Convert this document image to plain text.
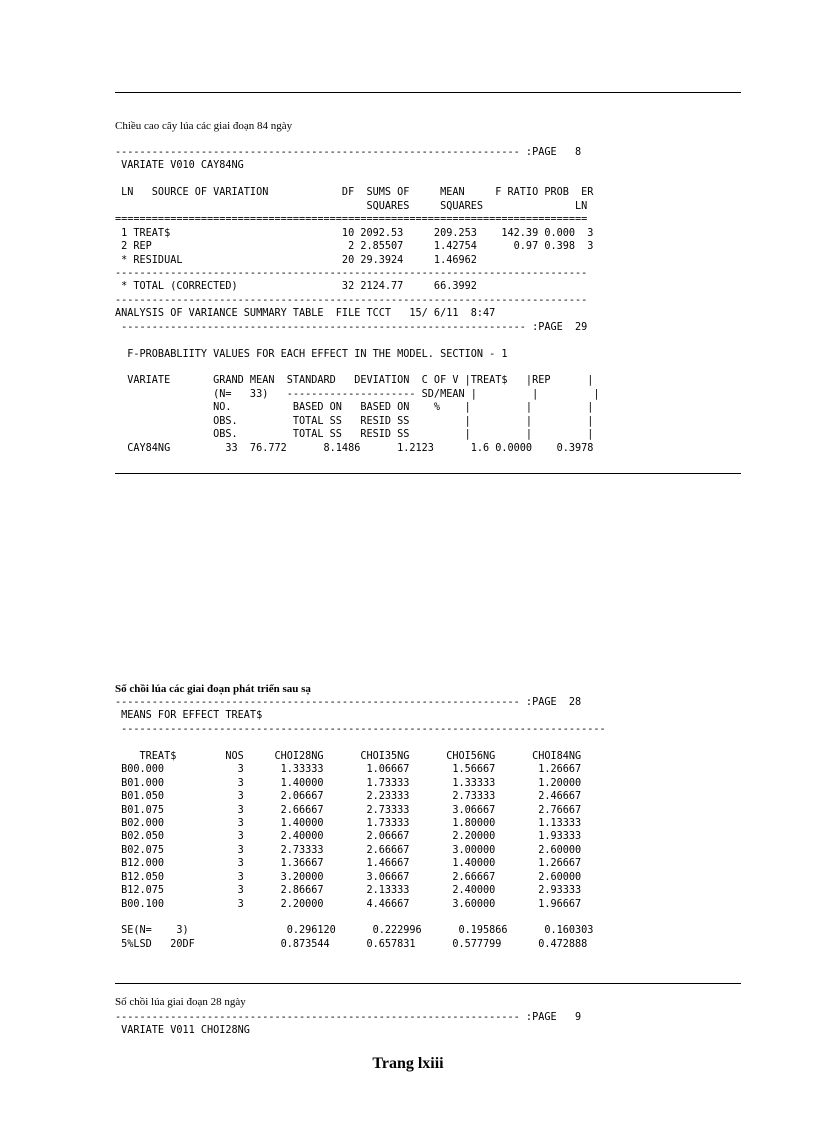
Chiều cao cây lúa các giai đoạn 84 ngày
------------------------------------------------------------------ :PAGE   8
VARIATE V010 CAY84NG
LN   SOURCE OF VARIATION            DF  SUMS OF     MEAN     F RATIO PROB  ER
SQUARES     SQUARES               LN
=============================================================================
1 TREAT$                            10 2092.53     209.253    142.39 0.000  3
2 REP                                2 2.85507     1.42754      0.97 0.398  3
* RESIDUAL                          20 29.3924     1.46962
-----------------------------------------------------------------------------
* TOTAL (CORRECTED)                 32 2124.77     66.3992
-----------------------------------------------------------------------------
ANALYSIS OF VARIANCE SUMMARY TABLE  FILE TCCT   15/ 6/11  8:47
------------------------------------------------------------------ :PAGE  29
F-PROBABLIITY VALUES FOR EACH EFFECT IN THE MODEL. SECTION - 1
VARIATE       GRAND MEAN  STANDARD   DEVIATION  C OF V |TREAT$   |REP      |
(N=   33)   --------------------- SD/MEAN |         |         |
NO.          BASED ON   BASED ON    %    |         |         |
OBS.         TOTAL SS   RESID SS         |         |         |
OBS.         TOTAL SS   RESID SS         |         |         |
CAY84NG         33  76.772      8.1486      1.2123      1.6 0.0000    0.3978
Số chồi lúa các giai đoạn phát triển sau sạ
------------------------------------------------------------------ :PAGE  28
MEANS FOR EFFECT TREAT$
-------------------------------------------------------------------------------
TREAT$        NOS     CHOI28NG      CHOI35NG      CHOI56NG      CHOI84NG
B00.000            3      1.33333       1.06667       1.56667       1.26667
B01.000            3      1.40000       1.73333       1.33333       1.20000
B01.050            3      2.06667       2.23333       2.73333       2.46667
B01.075            3      2.66667       2.73333       3.06667       2.76667
B02.000            3      1.40000       1.73333       1.80000       1.13333
B02.050            3      2.40000       2.06667       2.20000       1.93333
B02.075            3      2.73333       2.66667       3.00000       2.60000
B12.000            3      1.36667       1.46667       1.40000       1.26667
B12.050            3      3.20000       3.06667       2.66667       2.60000
B12.075            3      2.86667       2.13333       2.40000       2.93333
B00.100            3      2.20000       4.46667       3.60000       1.96667
SE(N=    3)                0.296120      0.222996      0.195866      0.160303
5%LSD   20DF              0.873544      0.657831      0.577799      0.472888
Số chồi lúa giai đoạn 28 ngày
------------------------------------------------------------------ :PAGE   9
VARIATE V011 CHOI28NG
Trang lxiii
